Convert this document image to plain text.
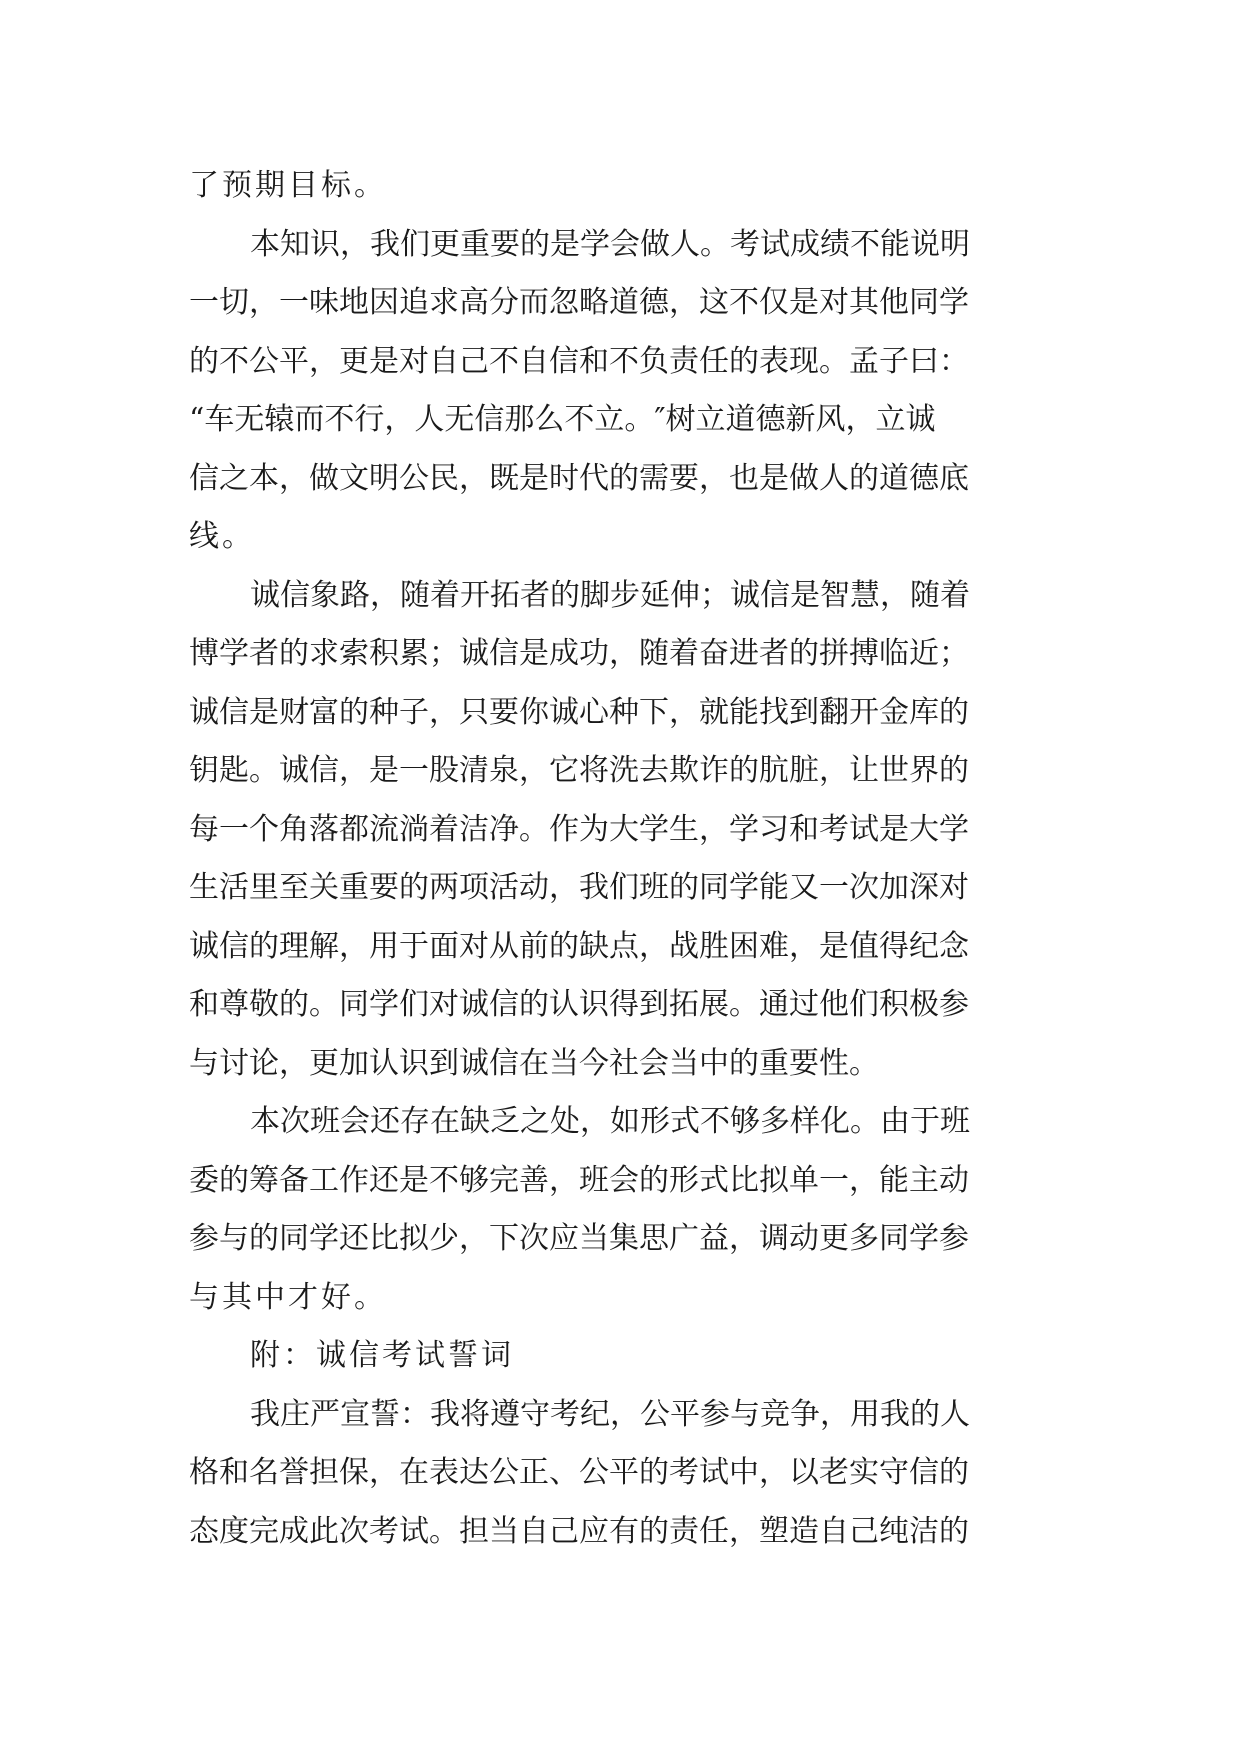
了预期目标。
本知识，我们更重要的是学会做人。考试成绩不能说明
一切，一味地因追求高分而忽略道德，这不仅是对其他同学
的不公平，更是对自己不自信和不负责任的表现。孟子曰：
“车无辕而不行，人无信那么不立。″树立道德新风，立诚
信之本，做文明公民，既是时代的需要，也是做人的道德底
线。
诚信象路，随着开拓者的脚步延伸；诚信是智慧，随着
博学者的求索积累；诚信是成功，随着奋进者的拼搏临近；
诚信是财富的种子，只要你诚心种下，就能找到翻开金库的
钥匙。诚信，是一股清泉，它将洗去欺诈的肮脏，让世界的
每一个角落都流淌着洁净。作为大学生，学习和考试是大学
生活里至关重要的两项活动，我们班的同学能又一次加深对
诚信的理解，用于面对从前的缺点，战胜困难，是值得纪念
和尊敬的。同学们对诚信的认识得到拓展。通过他们积极参
与讨论，更加认识到诚信在当今社会当中的重要性。
本次班会还存在缺乏之处，如形式不够多样化。由于班
委的筹备工作还是不够完善，班会的形式比拟单一，能主动
参与的同学还比拟少，下次应当集思广益，调动更多同学参
与其中才好。
附：诚信考试誓词
我庄严宣誓：我将遵守考纪，公平参与竞争，用我的人
格和名誉担保，在表达公正、公平的考试中，以老实守信的
态度完成此次考试。担当自己应有的责任，塑造自己纯洁的
